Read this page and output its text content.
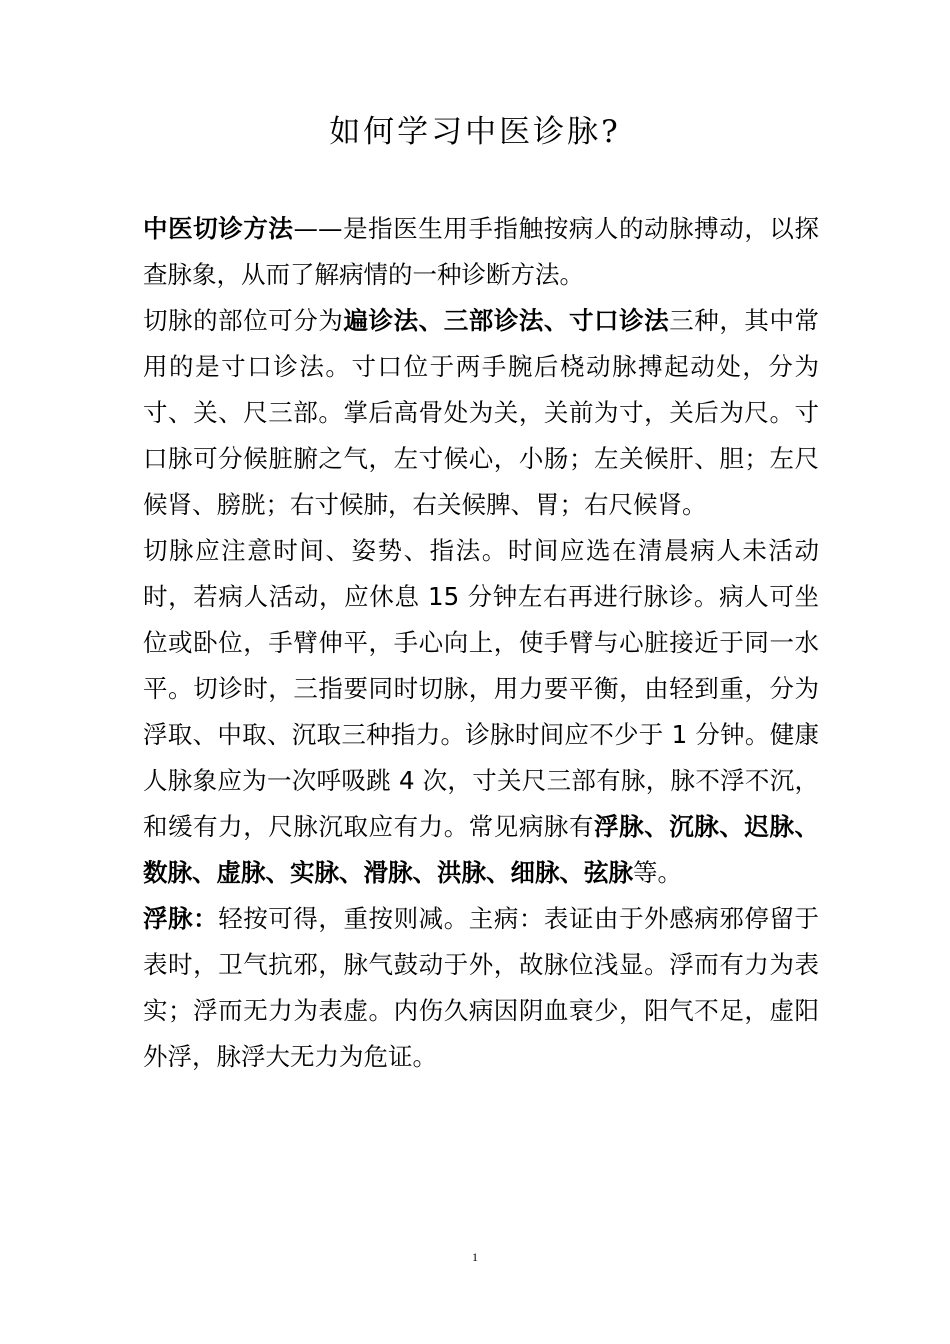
如何学习中医诊脉?

中医切诊方法——是指医生用手指触按病人的动脉搏动，以探查脉象，从而了解病情的一种诊断方法。

切脉的部位可分为遍诊法、三部诊法、寸口诊法三种，其中常用的是寸口诊法。寸口位于两手腕后桡动脉搏起动处，分为寸、关、尺三部。掌后高骨处为关，关前为寸，关后为尺。寸口脉可分候脏腑之气，左寸候心，小肠；左关候肝、胆；左尺候肾、膀胱；右寸候肺，右关候脾、胃；右尺候肾。

切脉应注意时间、姿势、指法。时间应选在清晨病人未活动时，若病人活动，应休息 15 分钟左右再进行脉诊。病人可坐位或卧位，手臂伸平，手心向上，使手臂与心脏接近于同一水平。切诊时，三指要同时切脉，用力要平衡，由轻到重，分为浮取、中取、沉取三种指力。诊脉时间应不少于 1 分钟。健康人脉象应为一次呼吸跳 4 次，寸关尺三部有脉，脉不浮不沉，和缓有力，尺脉沉取应有力。常见病脉有浮脉、沉脉、迟脉、数脉、虚脉、实脉、滑脉、洪脉、细脉、弦脉等。

浮脉：轻按可得，重按则减。主病：表证由于外感病邪停留于表时，卫气抗邪，脉气鼓动于外，故脉位浅显。浮而有力为表实；浮而无力为表虚。内伤久病因阴血衰少，阳气不足，虚阳外浮，脉浮大无力为危证。

1
